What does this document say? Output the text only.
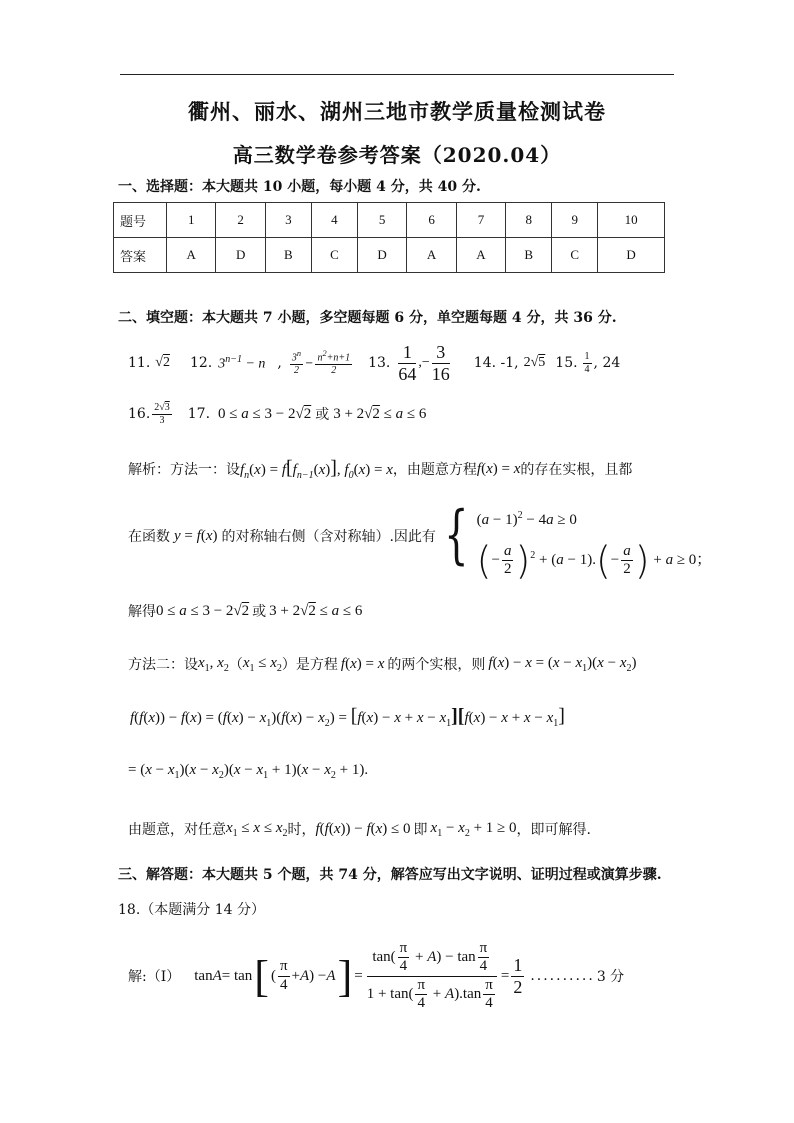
衢州、丽水、湖州三地市教学质量检测试卷
高三数学卷参考答案（2020.04）
一、选择题：本大题共 10 小题，每小题 4 分，共 40 分.
题号	1	2	3	4	5	6	7	8	9	10
答案	A	D	B	C	D	A	A	B	C	D
二、填空题：本大题共 7 小题，多空题每题 6 分，单空题每题 4 分，共 36 分.
11. √2 12. $3^{n-1} - n$ , $\frac{3^n}{2} - \frac{n^2+n+1}{2} 13$. $\frac{1}{64}$ ,− $\frac{3}{16} 14$. -1, 2√5 15. $\frac{1}{4}$ , 24
16. $\frac{2√3}{3} 17$. 0 ≤ a ≤ 3 − 2√2 或 3 + 2√2 ≤ a ≤ 6
解析：方法一：设 $f_n(x) = f[f_{n-1}(x)]$, $f_0(x) = x$ ，由题意方程 f(x) = x 的存在实根，且都
在函数 y = f(x) 的对称轴右侧（含对称轴）.因此有 { $(a - 1)^2 - 4a \ge 0$
(− $\frac{a}{2} )^2 + (a - 1).(- \frac{a}{2}$ ) + a ≥ 0；
解得 0 ≤ a ≤ 3 − 2√2 或 3 + 2√2 ≤ a ≤ 6
方法二：设 $x_1$, $x_2$ （ $x_1 \le x_2$ ）是方程 f(x) = x 的两个实根，则 $f(x) - x = (x - x_1)(x - x_2)$
$f(f(x)) - f(x) = (f(x) - x_1)(f(x) - x_2) = [f(x) - x + x - x_1][f(x) - x + x - x_1]$
= $(x - x_1)(x - x_2)(x - x_1 + 1)(x - x_2 + 1)$.
由题意，对任意 $x_1 \le x \le x_2$ 时， f(f(x)) − f(x) ≤ 0 即 $x_1 - x_2 + 1 \ge 0$ ，即可解得.
三、解答题：本大题共 5 个题，共 74 分，解答应写出文字说明、证明过程或演算步骤.
18.（本题满分 14 分）
解:（I） tan A = tan [ ( $\frac{\pi}{4} + A$ ) − A ] = $\frac{\tan( \frac{\pi}{4} + A) - \tan \frac{\pi}{4}}{1 + \tan( \frac{\pi}{4} + A).\tan \frac{\pi}{4}} = \frac{1}{2}$ .......... 3 分
